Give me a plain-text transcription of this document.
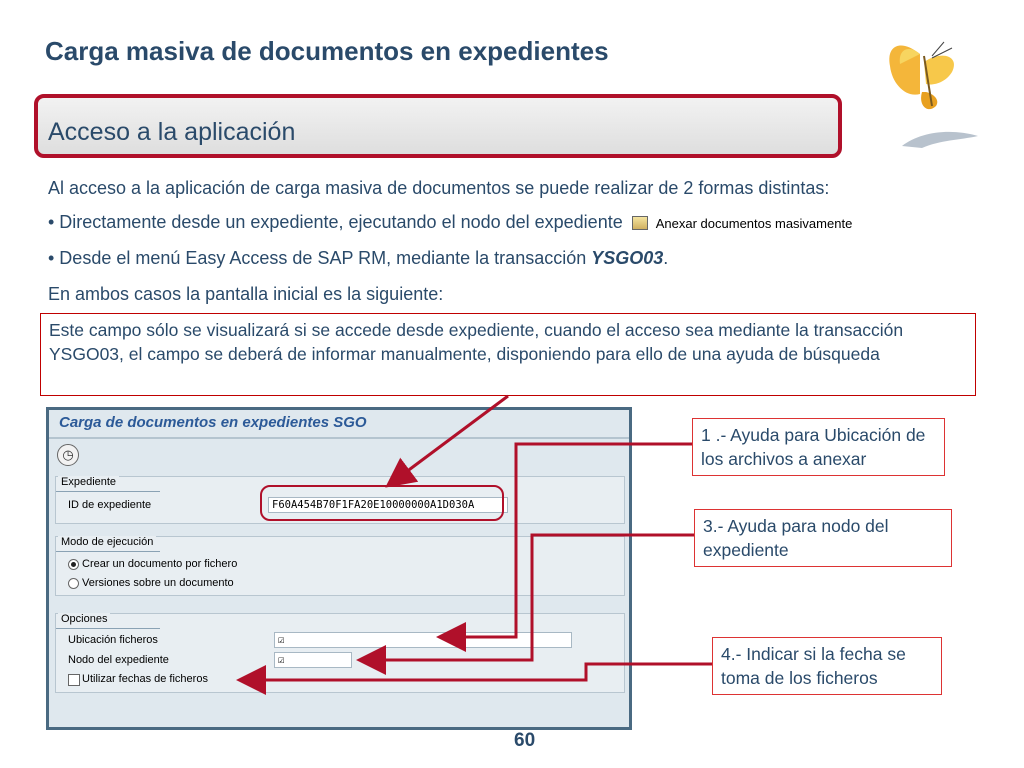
Carga masiva de documentos en expedientes
Acceso a la aplicación
Al acceso a la aplicación de carga masiva de documentos se puede realizar de 2 formas distintas:
• Directamente desde un expediente, ejecutando el nodo del expediente	Anexar documentos masivamente
• Desde el menú Easy Access de SAP RM, mediante la transacción YSGO03.
En ambos casos la pantalla inicial es la siguiente:
Este campo sólo se visualizará si se accede desde expediente, cuando el acceso sea mediante la transacción YSGO03, el campo se deberá de informar manualmente, disponiendo para ello de una ayuda de búsqueda
Carga de documentos en expedientes SGO
◷
Expediente
ID de expediente	F60A454B70F1FA20E10000000A1D030A
Modo de ejecución
Crear un documento por fichero
Versiones sobre un documento
Opciones
Ubicación ficheros	☑
Nodo del expediente	☑
Utilizar fechas de ficheros
1 .- Ayuda para Ubicación de los archivos a anexar
3.- Ayuda para nodo del expediente
4.- Indicar si la fecha se toma de los ficheros
60
